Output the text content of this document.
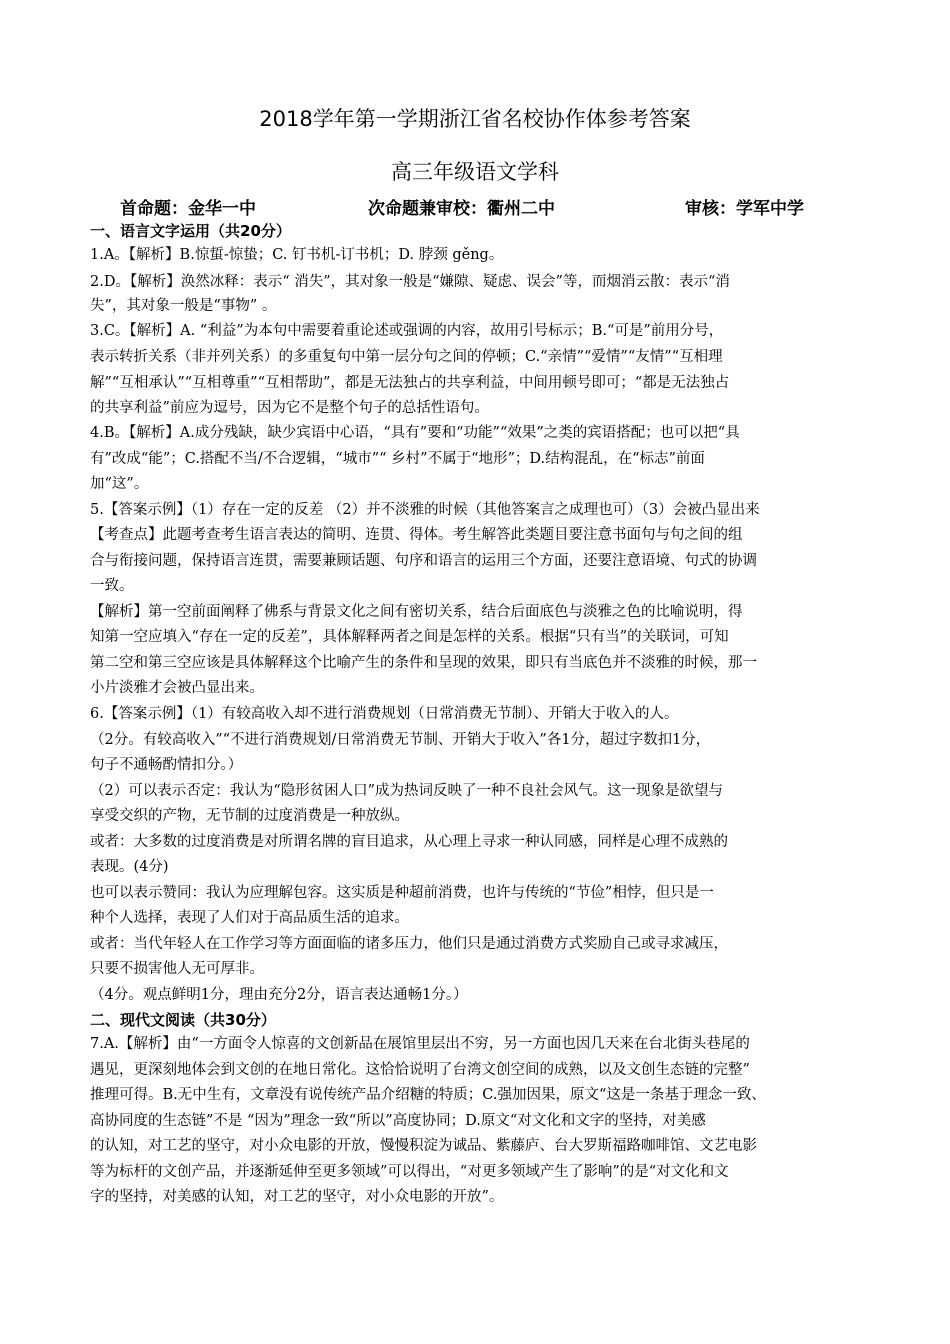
2018学年第一学期浙江省名校协作体参考答案
高三年级语文学科
首命题：金华一中	次命题兼审校：衢州二中	审核：学军中学
一、语言文字运用（共20分）
1.A。【解析】B.惊蜇-惊蛰；C. 钉书机-订书机；D. 脖颈 gěng。
2.D。【解析】涣然冰释：表示“ 消失”，其对象一般是“嫌隙、疑虑、误会”等，而烟消云散：表示“消
失”，其对象一般是“事物” 。
3.C。【解析】A. “利益”为本句中需要着重论述或强调的内容，故用引号标示；B.“可是”前用分号，
表示转折关系（非并列关系）的多重复句中第一层分句之间的停顿；C.“亲情”“爱情”“友情”“互相理
解”“互相承认”“互相尊重”“互相帮助”，都是无法独占的共享利益，中间用顿号即可；“都是无法独占
的共享利益”前应为逗号，因为它不是整个句子的总括性语句。
4.B。【解析】A.成分残缺，缺少宾语中心语，“具有”要和“功能”“效果”之类的宾语搭配；也可以把“具
有”改成“能”；C.搭配不当/不合逻辑，“城市”“ 乡村”不属于“地形”；D.结构混乱，在“标志”前面
加“这”。
5.【答案示例】（1）存在一定的反差 （2）并不淡雅的时候（其他答案言之成理也可）（3）会被凸显出来
【考查点】此题考查考生语言表达的简明、连贯、得体。考生解答此类题目要注意书面句与句之间的组
合与衔接问题，保持语言连贯，需要兼顾话题、句序和语言的运用三个方面，还要注意语境、句式的协调
一致。
【解析】第一空前面阐释了佛系与背景文化之间有密切关系，结合后面底色与淡雅之色的比喻说明，得
知第一空应填入“存在一定的反差”，具体解释两者之间是怎样的关系。根据“只有当”的关联词，可知
第二空和第三空应该是具体解释这个比喻产生的条件和呈现的效果，即只有当底色并不淡雅的时候，那一
小片淡雅才会被凸显出来。
6.【答案示例】（1）有较高收入却不进行消费规划（日常消费无节制）、开销大于收入的人。
（2分。有较高收入”“不进行消费规划/日常消费无节制、开销大于收入”各1分，超过字数扣1分，
句子不通畅酌情扣分。）
（2）可以表示否定：我认为“隐形贫困人口”成为热词反映了一种不良社会风气。这一现象是欲望与
享受交织的产物，无节制的过度消费是一种放纵。
或者：大多数的过度消费是对所谓名牌的盲目追求，从心理上寻求一种认同感，同样是心理不成熟的
表现。(4分)
也可以表示赞同：我认为应理解包容。这实质是种超前消费，也许与传统的“节俭”相悖，但只是一
种个人选择，表现了人们对于高品质生活的追求。
或者：当代年轻人在工作学习等方面面临的诸多压力，他们只是通过消费方式奖励自己或寻求减压，
只要不损害他人无可厚非。
（4分。观点鲜明1分，理由充分2分，语言表达通畅1分。）
二、现代文阅读（共30分）
7.A.【解析】由“一方面令人惊喜的文创新品在展馆里层出不穷，另一方面也因几天来在台北街头巷尾的
遇见，更深刻地体会到文创的在地日常化。这恰恰说明了台湾文创空间的成熟，以及文创生态链的完整”
推理可得。B.无中生有，文章没有说传统产品介绍糖的特质；C.强加因果，原文“这是一条基于理念一致、
高协同度的生态链”不是 “因为”理念一致“所以”高度协同；D.原文“对文化和文字的坚持，对美感
的认知，对工艺的坚守，对小众电影的开放，慢慢积淀为诚品、紫藤庐、台大罗斯福路咖啡馆、文艺电影
等为标杆的文创产品，并逐渐延伸至更多领域”可以得出，“对更多领域产生了影响”的是“对文化和文
字的坚持，对美感的认知，对工艺的坚守，对小众电影的开放”。
